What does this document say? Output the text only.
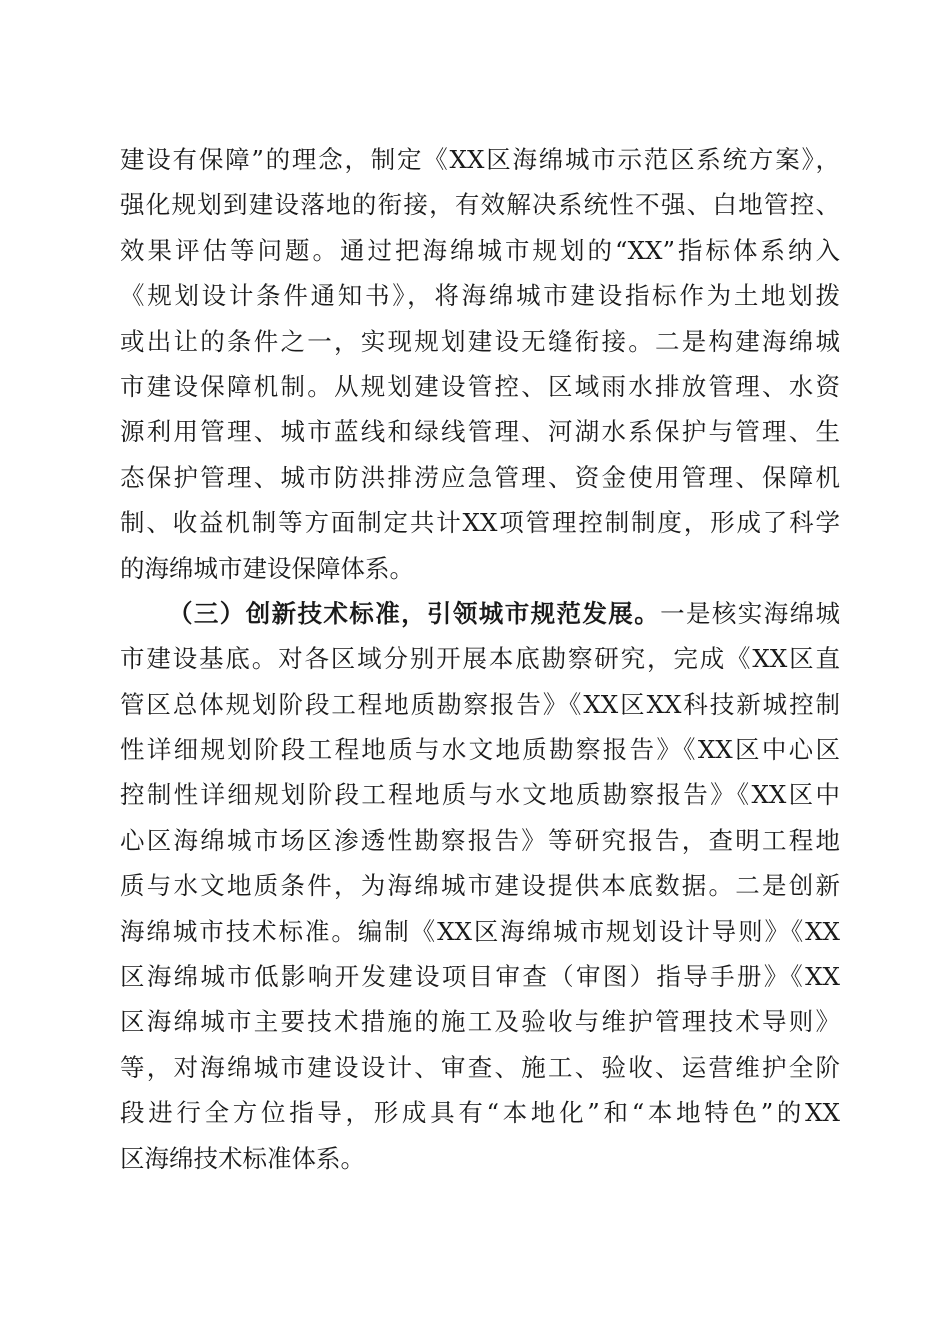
建设有保障”的理念，制定《XX区海绵城市示范区系统方案》，
强化规划到建设落地的衔接，有效解决系统性不强、白地管控、
效果评估等问题。通过把海绵城市规划的“XX”指标体系纳入
《规划设计条件通知书》，将海绵城市建设指标作为土地划拨
或出让的条件之一，实现规划建设无缝衔接。二是构建海绵城
市建设保障机制。从规划建设管控、区域雨水排放管理、水资
源利用管理、城市蓝线和绿线管理、河湖水系保护与管理、生
态保护管理、城市防洪排涝应急管理、资金使用管理、保障机
制、收益机制等方面制定共计XX项管理控制制度，形成了科学
的海绵城市建设保障体系。
（三）创新技术标准，引领城市规范发展。一是核实海绵城
市建设基底。对各区域分别开展本底勘察研究，完成《XX区直
管区总体规划阶段工程地质勘察报告》《XX区XX科技新城控制
性详细规划阶段工程地质与水文地质勘察报告》《XX区中心区
控制性详细规划阶段工程地质与水文地质勘察报告》《XX区中
心区海绵城市场区渗透性勘察报告》等研究报告，查明工程地
质与水文地质条件，为海绵城市建设提供本底数据。二是创新
海绵城市技术标准。编制《XX区海绵城市规划设计导则》《XX
区海绵城市低影响开发建设项目审查（审图）指导手册》《XX
区海绵城市主要技术措施的施工及验收与维护管理技术导则》
等，对海绵城市建设设计、审查、施工、验收、运营维护全阶
段进行全方位指导，形成具有“本地化”和“本地特色”的XX
区海绵技术标准体系。
